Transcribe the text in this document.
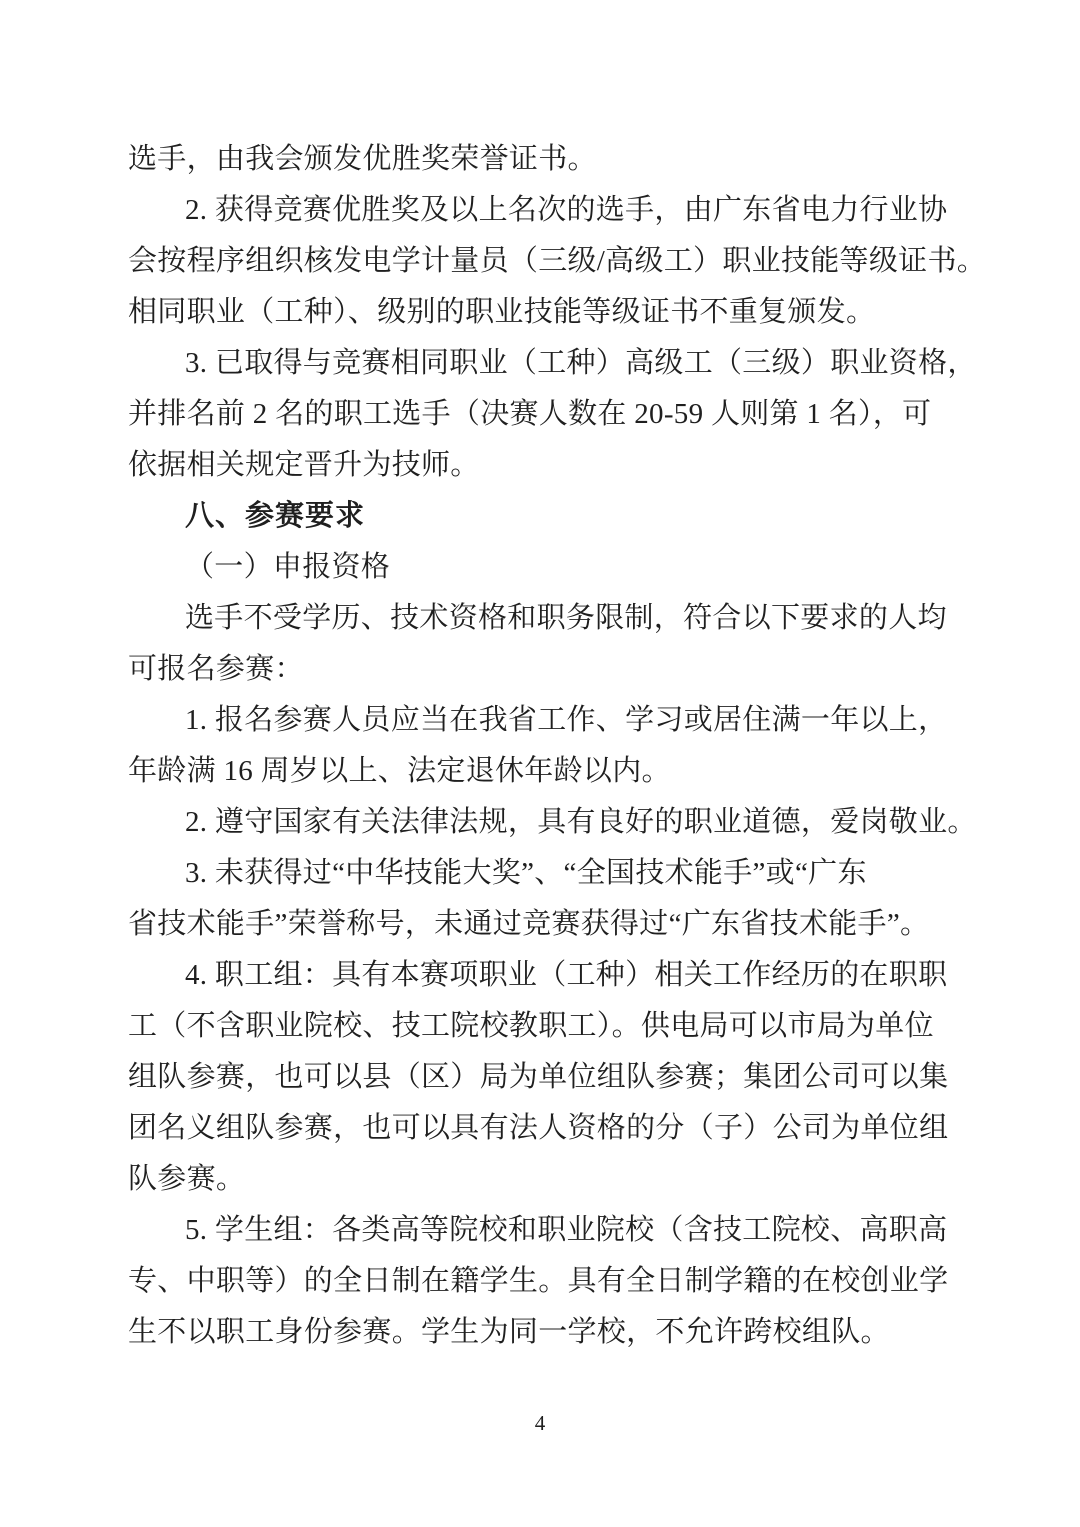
选手，由我会颁发优胜奖荣誉证书。
2. 获得竞赛优胜奖及以上名次的选手，由广东省电力行业协
会按程序组织核发电学计量员（三级/高级工）职业技能等级证书。
相同职业（工种）、级别的职业技能等级证书不重复颁发。
3. 已取得与竞赛相同职业（工种）高级工（三级）职业资格，
并排名前 2 名的职工选手（决赛人数在 20-59 人则第 1 名），可
依据相关规定晋升为技师。
八、参赛要求
（一）申报资格
选手不受学历、技术资格和职务限制，符合以下要求的人均
可报名参赛：
1. 报名参赛人员应当在我省工作、学习或居住满一年以上，
年龄满 16 周岁以上、法定退休年龄以内。
2. 遵守国家有关法律法规，具有良好的职业道德，爱岗敬业。
3. 未获得过“中华技能大奖”、“全国技术能手”或“广东
省技术能手”荣誉称号，未通过竞赛获得过“广东省技术能手”。
4. 职工组：具有本赛项职业（工种）相关工作经历的在职职
工（不含职业院校、技工院校教职工）。供电局可以市局为单位
组队参赛，也可以县（区）局为单位组队参赛；集团公司可以集
团名义组队参赛，也可以具有法人资格的分（子）公司为单位组
队参赛。
5. 学生组：各类高等院校和职业院校（含技工院校、高职高
专、中职等）的全日制在籍学生。具有全日制学籍的在校创业学
生不以职工身份参赛。学生为同一学校，不允许跨校组队。
4
